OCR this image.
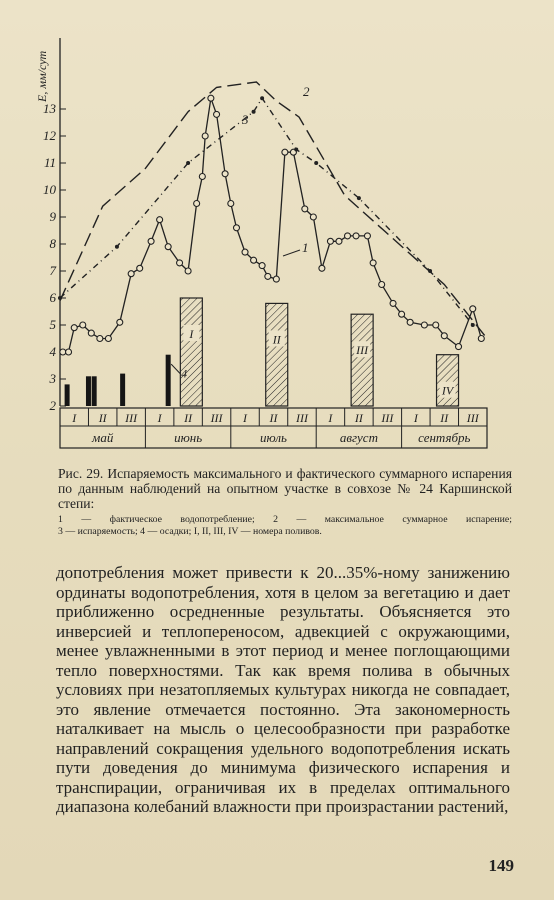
2
3
4
5
6
7
8
9
10
11
12
13
E, мм/сут
I	II
III
IV
I II III I II III I II III I II III I II III
май	июнь	июль	август	сентябрь
1
2
3
Рис. 29. Испаряемость максимального и фактического суммарного испарения по данным наблюдений на опытном участке в совхозе № 24 Каршинской степи:
1 — фактическое водопотребление; 2 — максимальное суммарное испарение;
3 — испаряемость; 4 — осадки; I, II, III, IV — номера поливов.

допотребления может привести к 20...35%-ному занижению ординаты водопотребления, хотя в целом за вегетацию и дает приближенно осредненные результаты. Объясняется это инверсией и теплопереносом, адвекцией с окружающими, менее увлажненными в этот период и менее поглощающими тепло поверхностями. Так как время полива в обычных условиях при незатопляемых культурах никогда не совпадает, это явление отмечается постоянно. Эта закономерность наталкивает на мысль о целесообразности при разработке направлений сокращения удельного водопотребления искать пути доведения до минимума физического испарения и транспирации, ограничивая их в пределах оптимального диапазона колебаний влажности при произрастании растений,

149
